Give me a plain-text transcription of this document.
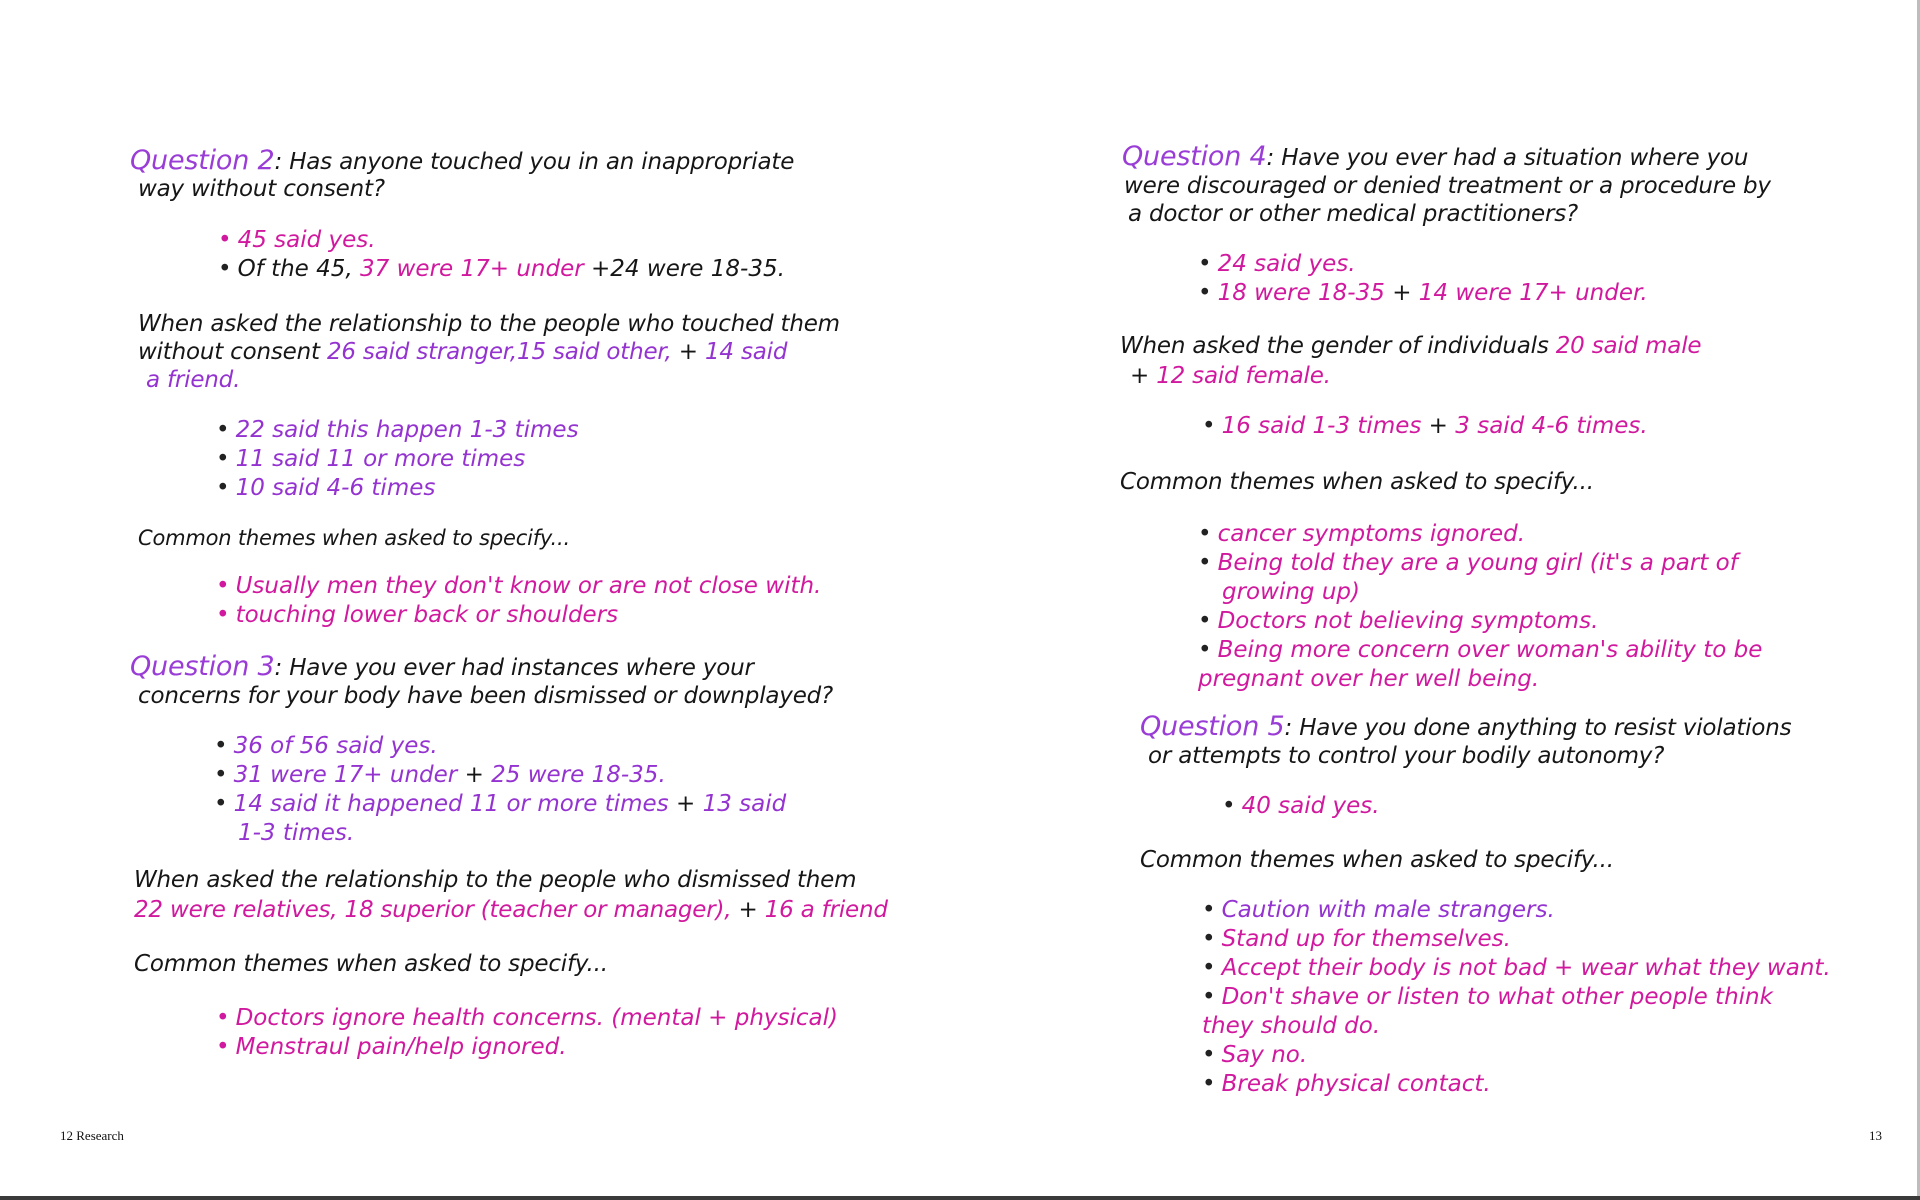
Question 2: Has anyone touched you in an inappropriate
way without consent?
• 45 said yes.
• Of the 45, 37 were 17+ under +24 were 18-35.
When asked the relationship to the people who touched them
without consent 26 said stranger,15 said other, + 14 said
a friend.
• 22 said this happen 1-3 times
• 11 said 11 or more times
• 10 said 4-6 times
Common themes when asked to specify...
• Usually men they don't know or are not close with.
• touching lower back or shoulders
Question 3: Have you ever had instances where your
concerns for your body have been dismissed or downplayed?
• 36 of 56 said yes.
• 31 were 17+ under + 25 were 18-35.
• 14 said it happened 11 or more times + 13 said
1-3 times.
When asked the relationship to the people who dismissed them
22 were relatives, 18 superior (teacher or manager), + 16 a friend
Common themes when asked to specify...
• Doctors ignore health concerns. (mental + physical)
• Menstraul pain/help ignored.
12 Research
Question 4: Have you ever had a situation where you
were discouraged or denied treatment or a procedure by
a doctor or other medical practitioners?
• 24 said yes.
• 18 were 18-35 + 14 were 17+ under.
When asked the gender of individuals 20 said male
+ 12 said female.
• 16 said 1-3 times + 3 said 4-6 times.
Common themes when asked to specify...
• cancer symptoms ignored.
• Being told they are a young girl (it's a part of
growing up)
• Doctors not believing symptoms.
• Being more concern over woman's ability to be
pregnant over her well being.
Question 5: Have you done anything to resist violations
or attempts to control your bodily autonomy?
• 40 said yes.
Common themes when asked to specify...
• Caution with male strangers.
• Stand up for themselves.
• Accept their body is not bad + wear what they want.
• Don't shave or listen to what other people think
they should do.
• Say no.
• Break physical contact.
13
